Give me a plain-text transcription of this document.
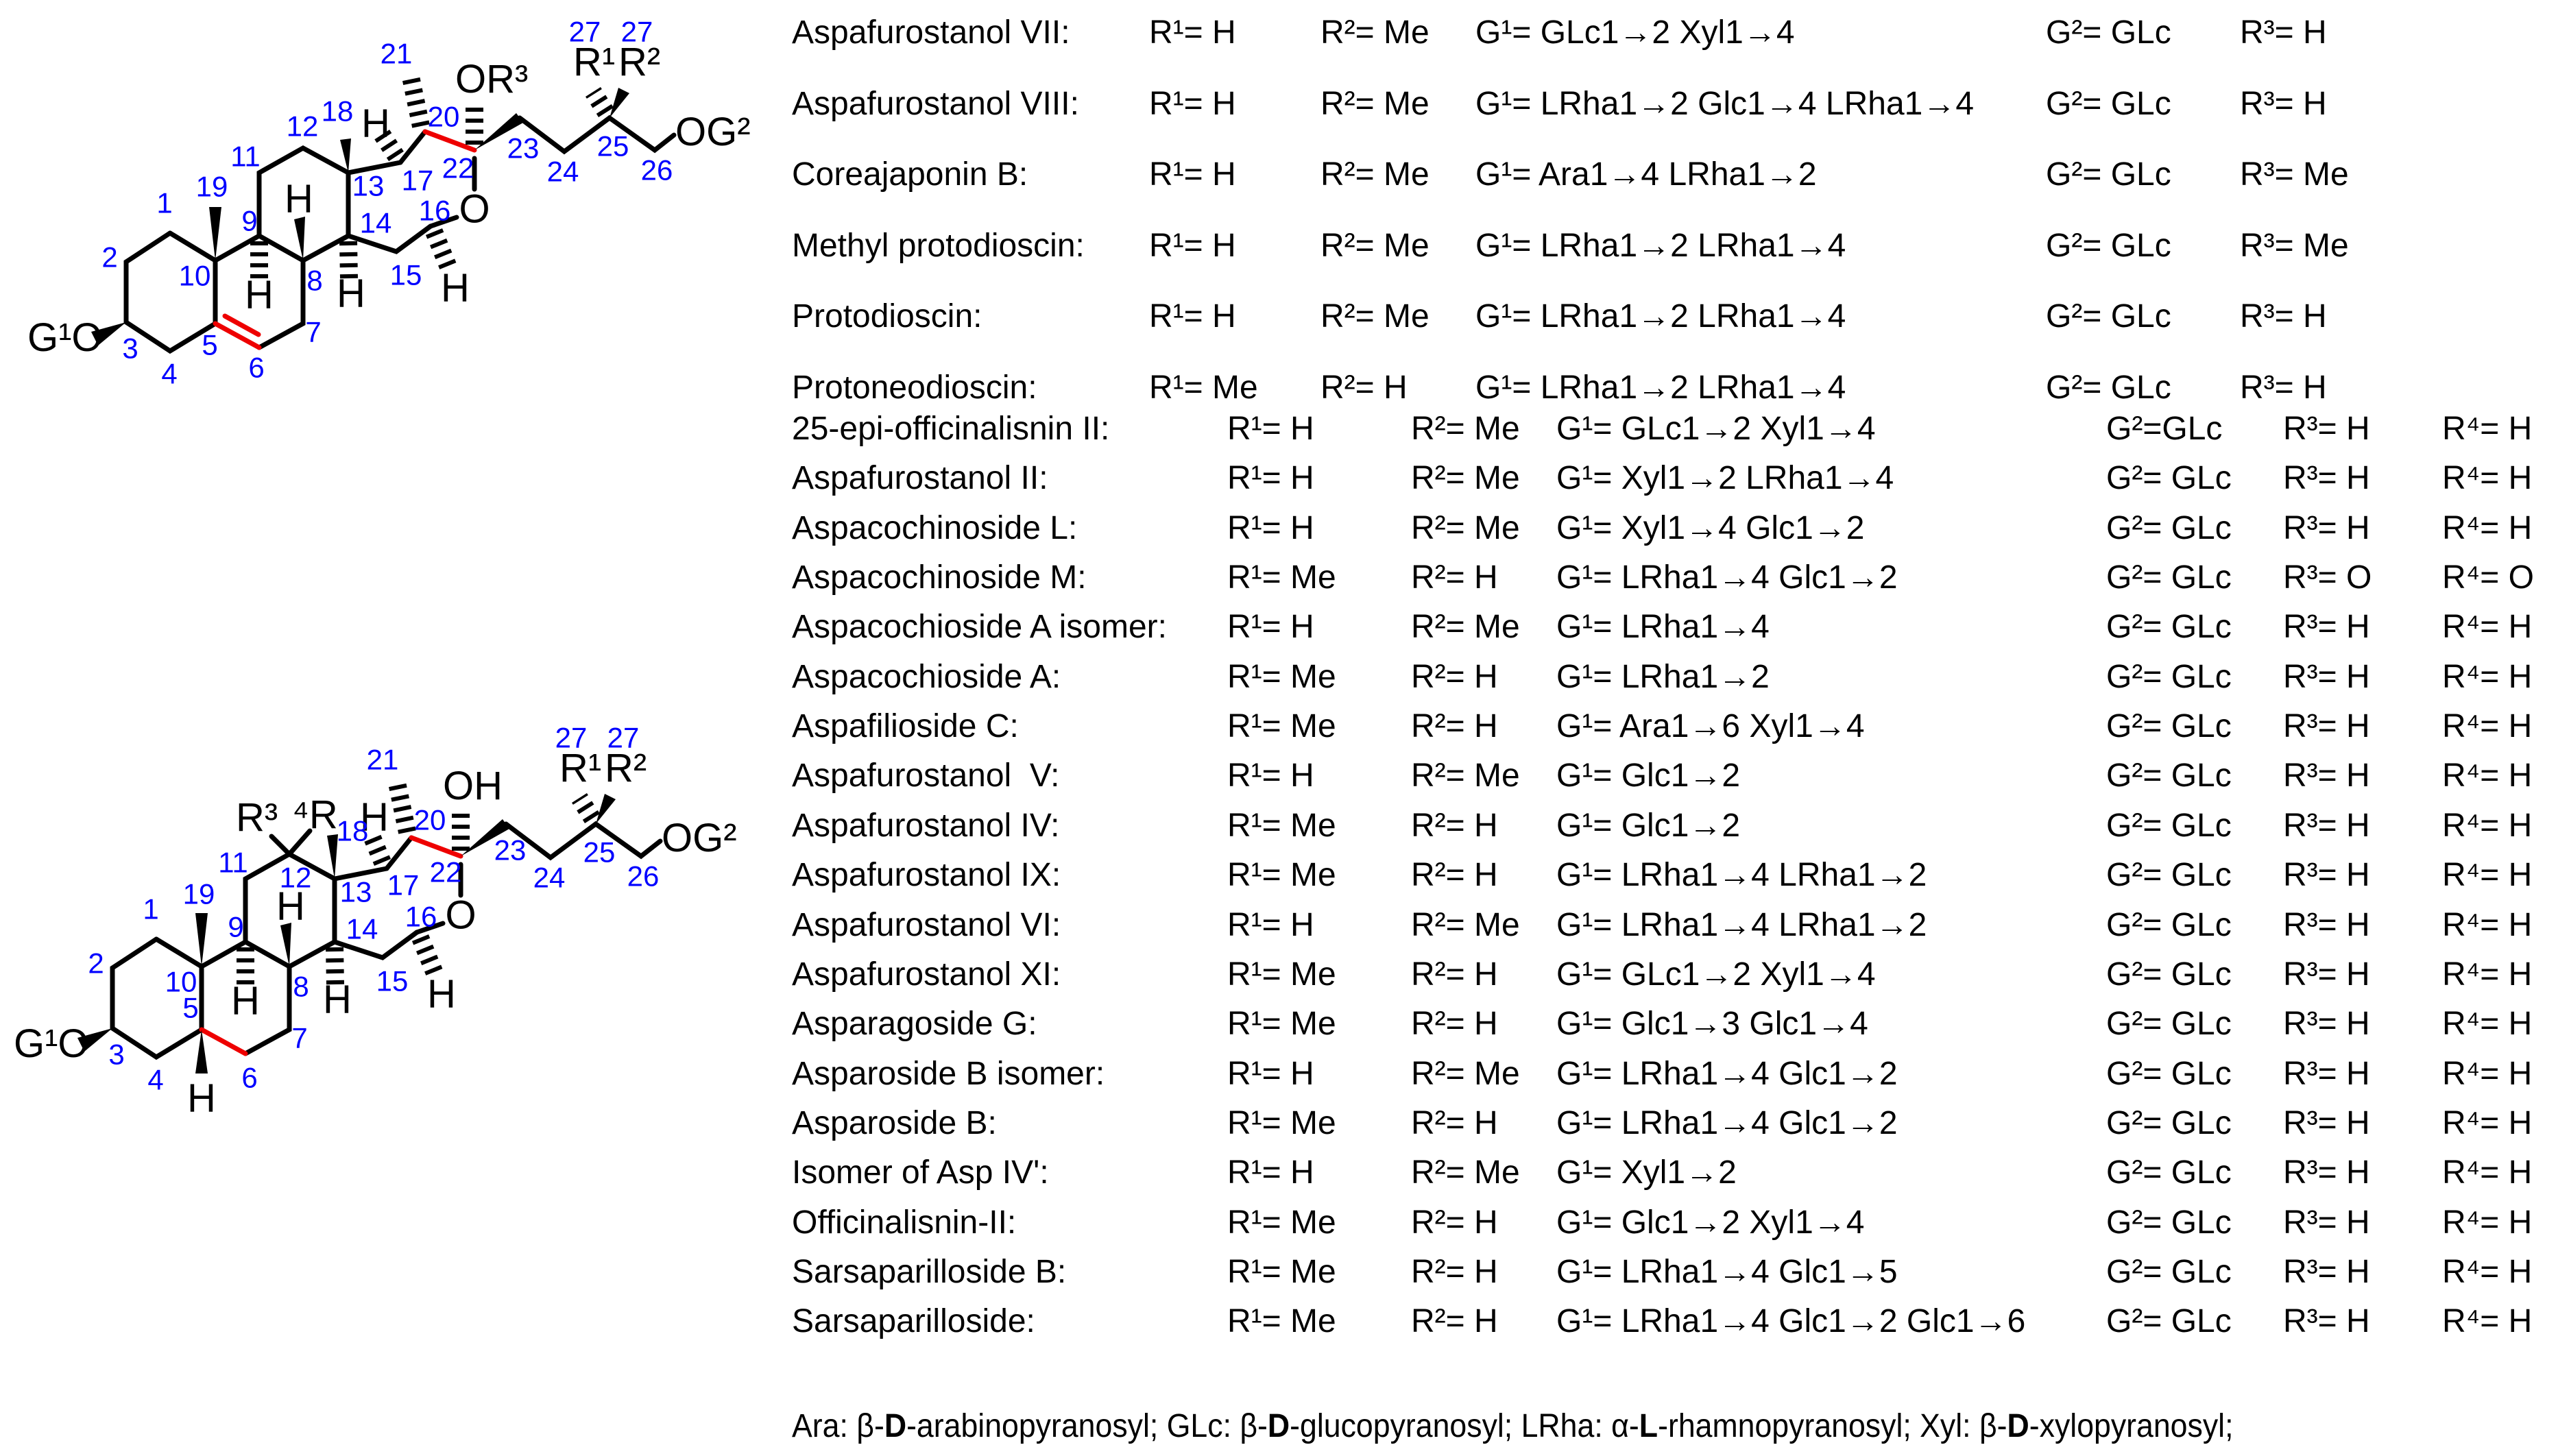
G¹O
OR³
O
R¹ R²
OG²
H
H
H
H
H
1
2
3
4
5
6
7
8
9
10
11
12
13
14
15
16
17
18
19
20
21
22
23
24
25
26
27 27
G¹O
OH
O
R³ ⁴R
R¹ R²
OG²
H
H
H
H
H
H
1
2
3
4
5
6
7
8
9
10
11 12 13
14
15
16
17
18
19
20
21
22
23
24
25
26
27 27
Aspafurostanol VII: R¹= H	R²= Me G¹= GLc1→2 Xyl1→4	G²= GLc R³= H
Aspafurostanol VIII: R¹= H	R²= Me G¹= LRha1→2 Glc1→4 LRha1→4 G²= GLc R³= H
Coreajaponin B:	R¹= H	R²= Me G¹= Ara1→4 LRha1→2	G²= GLc R³= Me
Methyl protodioscin: R¹= H	R²= Me G¹= LRha1→2 LRha1→4	G²= GLc R³= Me
Protodioscin:	R¹= H	R²= Me G¹= LRha1→2 LRha1→4	G²= GLc R³= H
Protoneodioscin:	R¹= Me R²= H G¹= LRha1→2 LRha1→4	G²= GLc R³= H
25-epi-officinalisnin II:	R¹= H	R²= Me G¹= GLc1→2 Xyl1→4	G²=GLc R³= H R⁴= H
Aspafurostanol II:	R¹= H	R²= Me G¹= Xyl1→2 LRha1→4	G²= GLc R³= H R⁴= H
Aspacochinoside L:	R¹= H	R²= Me G¹= Xyl1→4 Glc1→2	G²= GLc R³= H R⁴= H
Aspacochinoside M:	R¹= Me R²= H G¹= LRha1→4 Glc1→2	G²= GLc R³= O R⁴= O
Aspacochioside A isomer: R¹= H	R²= Me G¹= LRha1→4	G²= GLc R³= H R⁴= H
Aspacochioside A:	R¹= Me R²= H G¹= LRha1→2	G²= GLc R³= H R⁴= H
Aspafilioside C:	R¹= Me R²= H G¹= Ara1→6 Xyl1→4	G²= GLc R³= H R⁴= H
Aspafurostanol  V:	R¹= H	R²= Me G¹= Glc1→2	G²= GLc R³= H R⁴= H
Aspafurostanol IV:	R¹= Me R²= H G¹= Glc1→2	G²= GLc R³= H R⁴= H
Aspafurostanol IX:	R¹= Me R²= H G¹= LRha1→4 LRha1→2	G²= GLc R³= H R⁴= H
Aspafurostanol VI:	R¹= H	R²= Me G¹= LRha1→4 LRha1→2	G²= GLc R³= H R⁴= H
Aspafurostanol XI:	R¹= Me R²= H G¹= GLc1→2 Xyl1→4	G²= GLc R³= H R⁴= H
Asparagoside G:	R¹= Me R²= H G¹= Glc1→3 Glc1→4	G²= GLc R³= H R⁴= H
Asparoside B isomer:	R¹= H	R²= Me G¹= LRha1→4 Glc1→2	G²= GLc R³= H R⁴= H
Asparoside B:	R¹= Me R²= H G¹= LRha1→4 Glc1→2	G²= GLc R³= H R⁴= H
Isomer of Asp IV':	R¹= H	R²= Me G¹= Xyl1→2	G²= GLc R³= H R⁴= H
Officinalisnin-II:	R¹= Me R²= H G¹= Glc1→2 Xyl1→4	G²= GLc R³= H R⁴= H
Sarsaparilloside B:	R¹= Me R²= H G¹= LRha1→4 Glc1→5	G²= GLc R³= H R⁴= H
Sarsaparilloside:	R¹= Me R²= H G¹= LRha1→4 Glc1→2 Glc1→6 G²= GLc R³= H R⁴= H
Ara: β-D-arabinopyranosyl; GLc: β-D-glucopyranosyl; LRha: α-L-rhamnopyranosyl; Xyl: β-D-xylopyranosyl;
